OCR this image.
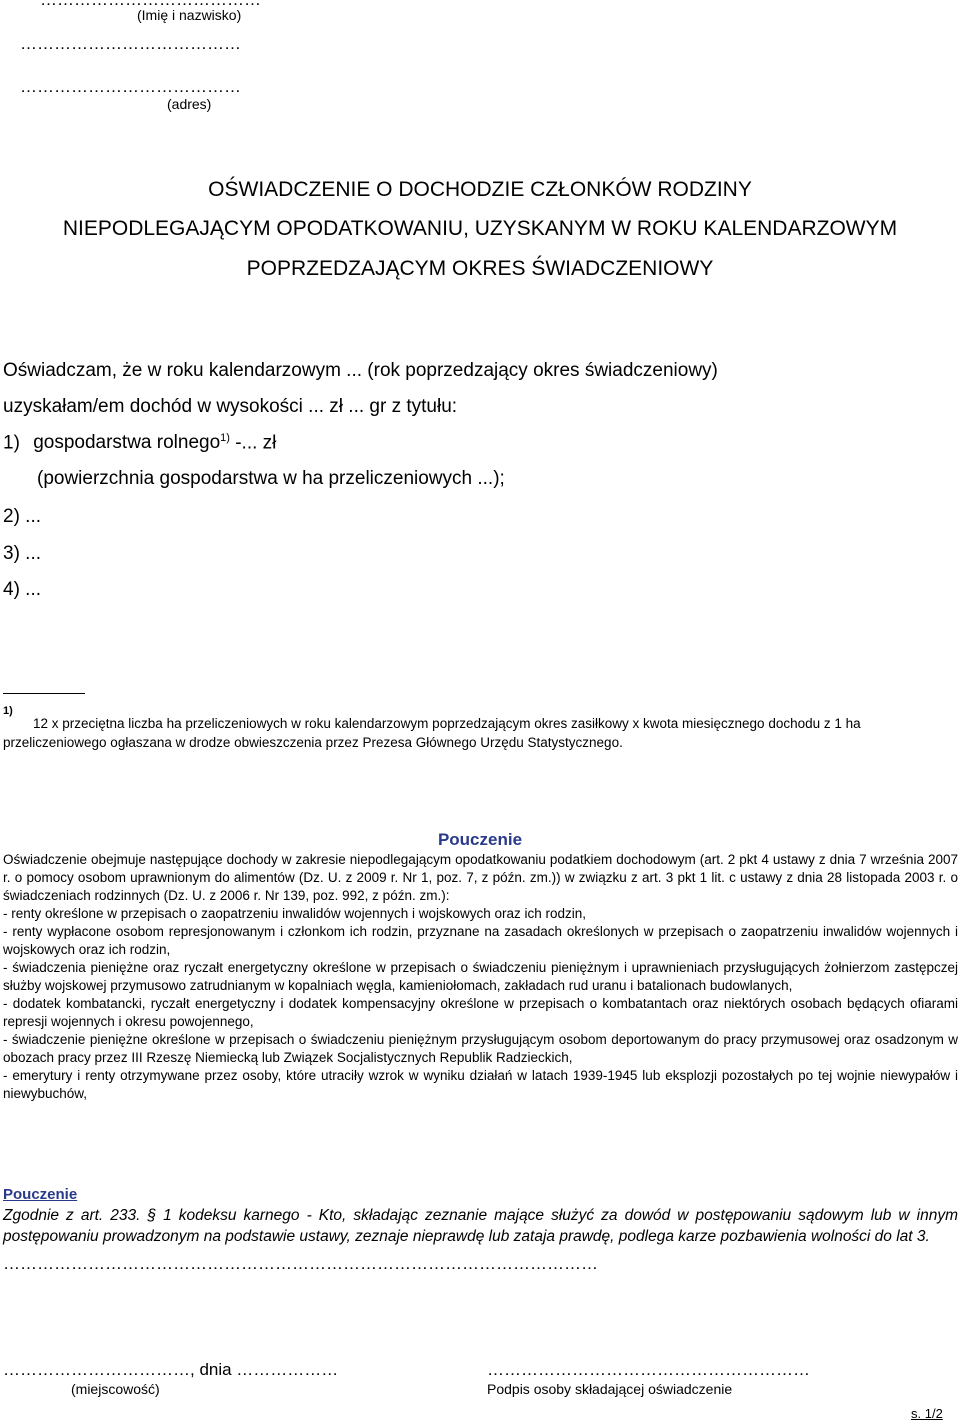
(Imię i nazwisko)
…………………………………
…………………………………
(adres)
OŚWIADCZENIE O DOCHODZIE CZŁONKÓW RODZINY
NIEPODLEGAJĄCYM OPODATKOWANIU, UZYSKANYM W ROKU KALENDARZOWYM
POPRZEDZAJĄCYM OKRES ŚWIADCZENIOWY
Oświadczam, że w roku kalendarzowym ... (rok poprzedzający okres świadczeniowy)
uzyskałam/em dochód w wysokości ... zł ... gr z tytułu:
1) gospodarstwa rolnego$^{1)}$ -... zł
(powierzchnia gospodarstwa w ha przeliczeniowych ...);
2) ...
3) ...
4) ...
1)
12 x przeciętna liczba ha przeliczeniowych w roku kalendarzowym poprzedzającym okres zasiłkowy x kwota miesięcznego dochodu z 1 ha przeliczeniowego ogłaszana w drodze obwieszczenia przez Prezesa Głównego Urzędu Statystycznego.
Pouczenie

Oświadczenie obejmuje następujące dochody w zakresie niepodlegającym opodatkowaniu podatkiem dochodowym (art. 2 pkt 4 ustawy z dnia 7 września 2007 r. o pomocy osobom uprawnionym do alimentów (Dz. U. z 2009 r. Nr 1, poz. 7, z późn. zm.)) w związku z art. 3 pkt 1 lit. c ustawy z dnia 28 listopada 2003 r. o świadczeniach rodzinnych (Dz. U. z 2006 r. Nr 139, poz. 992, z późn. zm.):

- renty określone w przepisach o zaopatrzeniu inwalidów wojennych i wojskowych oraz ich rodzin,

- renty wypłacone osobom represjonowanym i członkom ich rodzin, przyznane na zasadach określonych w przepisach o zaopatrzeniu inwalidów wojennych i wojskowych oraz ich rodzin,

- świadczenia pieniężne oraz ryczałt energetyczny określone w przepisach o świadczeniu pieniężnym i uprawnieniach przysługujących żołnierzom zastępczej służby wojskowej przymusowo zatrudnianym w kopalniach węgla, kamieniołomach, zakładach rud uranu i batalionach budowlanych,

- dodatek kombatancki, ryczałt energetyczny i dodatek kompensacyjny określone w przepisach o kombatantach oraz niektórych osobach będących ofiarami represji wojennych i okresu powojennego,

- świadczenie pieniężne określone w przepisach o świadczeniu pieniężnym przysługującym osobom deportowanym do pracy przymusowej oraz osadzonym w obozach pracy przez III Rzeszę Niemiecką lub Związek Socjalistycznych Republik Radzieckich,

- emerytury i renty otrzymywane przez osoby, które utraciły wzrok w wyniku działań w latach 1939-1945 lub eksplozji pozostałych po tej wojnie niewypałów i niewybuchów,

Pouczenie
Zgodnie z art. 233. § 1 kodeksu karnego - Kto, składając zeznanie mające służyć za dowód w postępowaniu sądowym lub w innym postępowaniu prowadzonym na podstawie ustawy, zeznaje nieprawdę lub zataja prawdę, podlega karze pozbawienia wolności do lat 3.
……………………………………………………………………………………………
……………………………, dnia ………………	…………………………………………………
(miejscowość)	Podpis osoby składającej oświadczenie
s. 1/2
